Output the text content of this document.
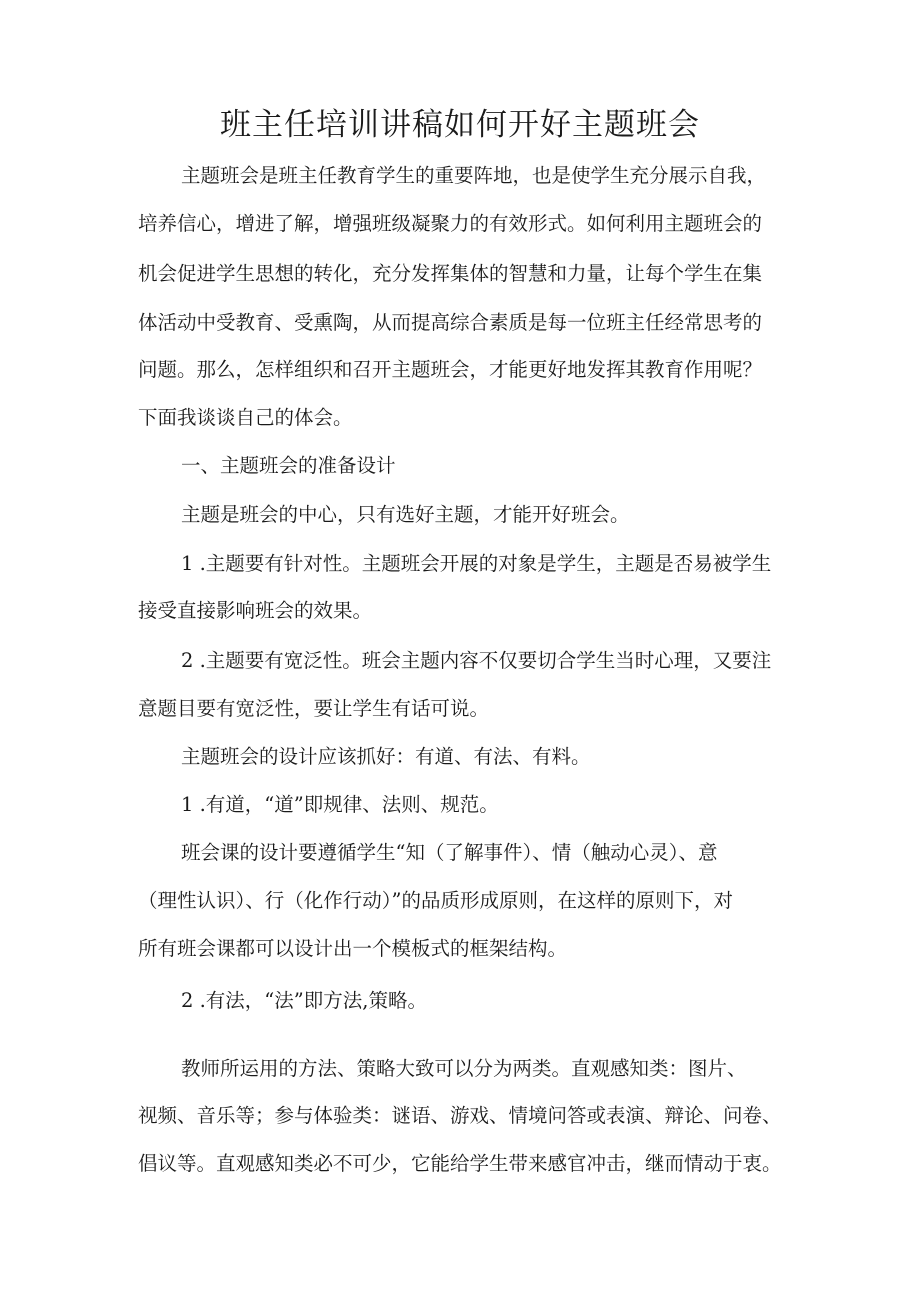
班主任培训讲稿如何开好主题班会

主题班会是班主任教育学生的重要阵地，也是使学生充分展示自我，

培养信心，增进了解，增强班级凝聚力的有效形式。如何利用主题班会的

机会促进学生思想的转化，充分发挥集体的智慧和力量，让每个学生在集

体活动中受教育、受熏陶，从而提高综合素质是每一位班主任经常思考的

问题。那么，怎样组织和召开主题班会，才能更好地发挥其教育作用呢？

下面我谈谈自己的体会。

一、主题班会的准备设计

主题是班会的中心，只有选好主题，才能开好班会。

1 .主题要有针对性。主题班会开展的对象是学生，主题是否易被学生

接受直接影响班会的效果。

2 .主题要有宽泛性。班会主题内容不仅要切合学生当时心理，又要注

意题目要有宽泛性，要让学生有话可说。

主题班会的设计应该抓好：有道、有法、有料。

1 .有道，“道”即规律、法则、规范。

班会课的设计要遵循学生“知（了解事件）、情（触动心灵）、意

（理性认识）、行（化作行动）”的品质形成原则，在这样的原则下，对

所有班会课都可以设计出一个模板式的框架结构。

2 .有法，“法”即方法,策略。

教师所运用的方法、策略大致可以分为两类。直观感知类：图片、

视频、音乐等；参与体验类：谜语、游戏、情境问答或表演、辩论、问卷、

倡议等。直观感知类必不可少，它能给学生带来感官冲击，继而情动于衷。
